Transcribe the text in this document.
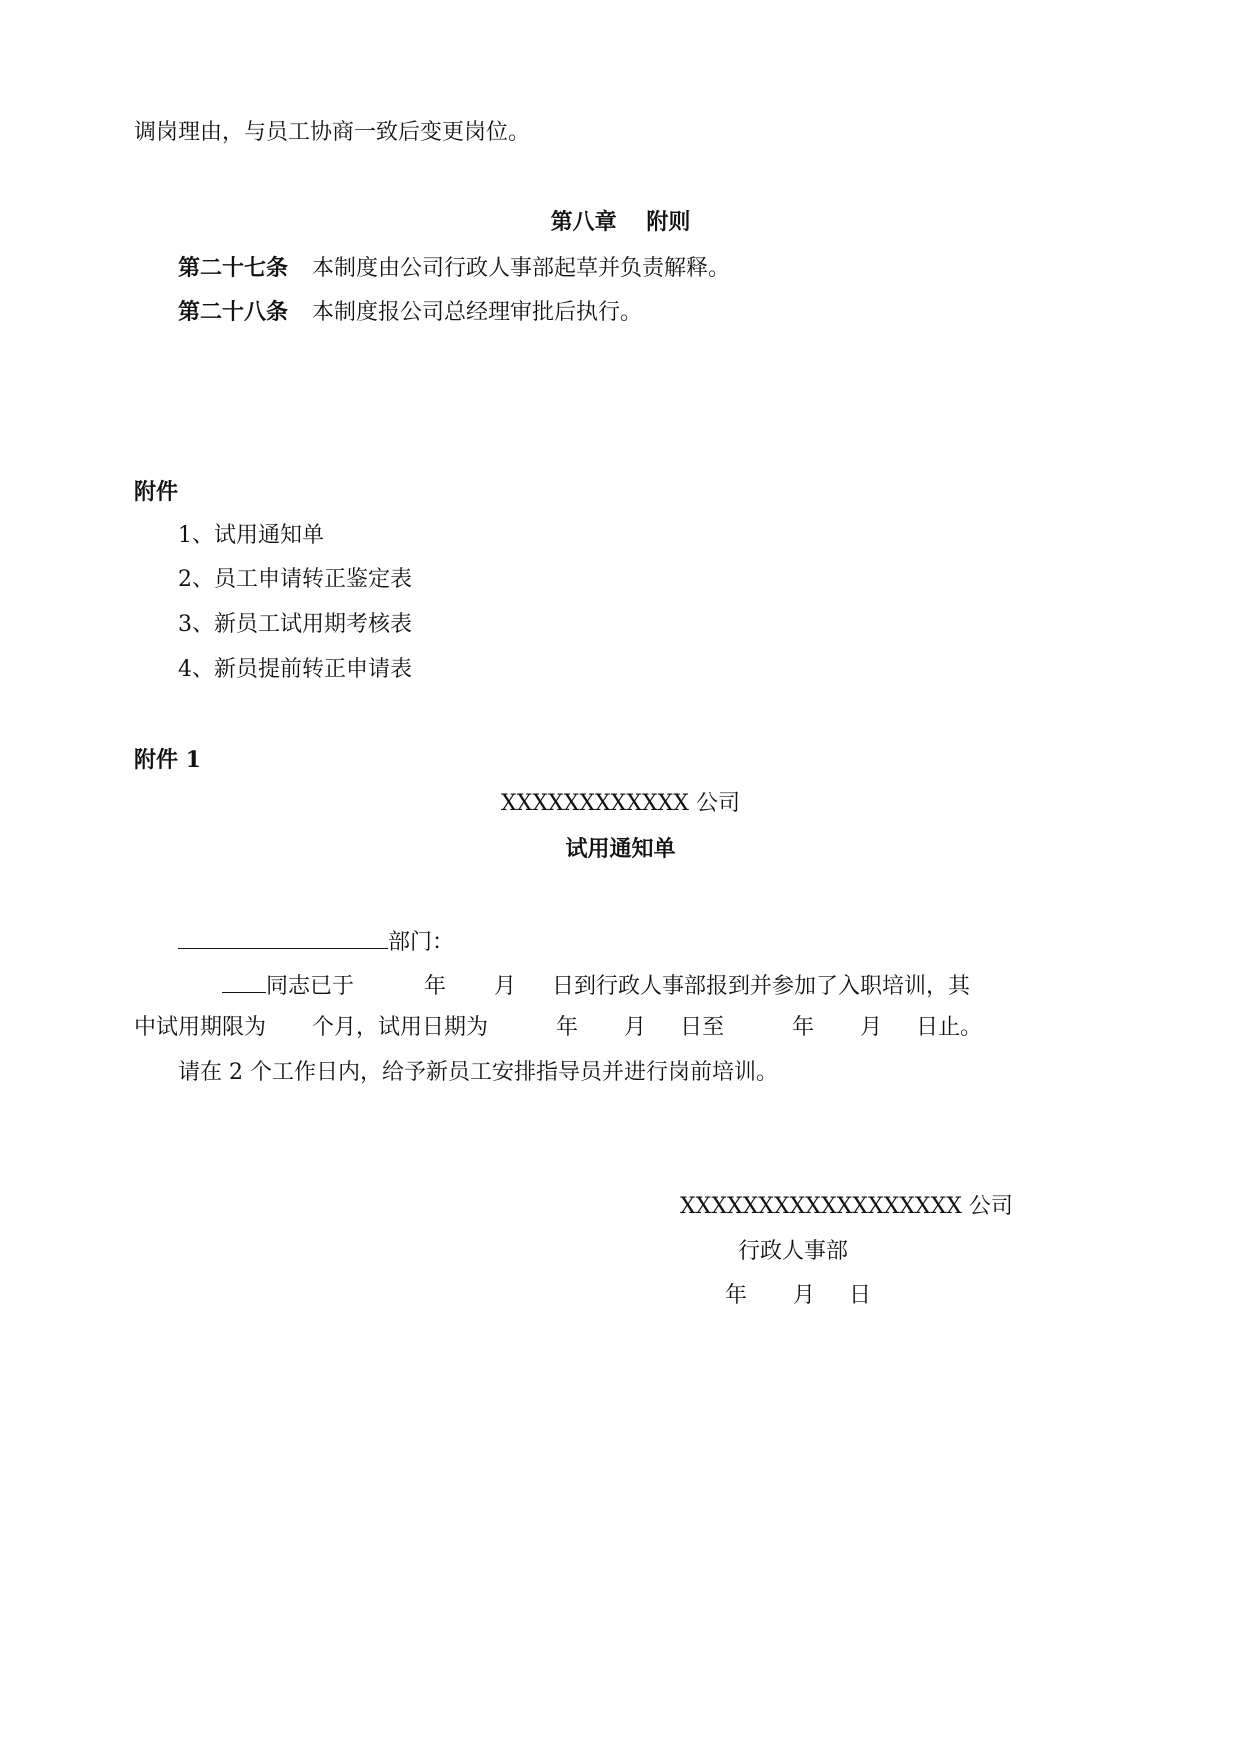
调岗理由，与员工协商一致后变更岗位。
第八章　 附则
第二十七条 本制度由公司行政人事部起草并负责解释。
第二十八条 本制度报公司总经理审批后执行。
附件
1、试用通知单
2、员工申请转正鉴定表
3、新员工试用期考核表
4、新员提前转正申请表
附件 1
XXXXXXXXXXXX 公司
试用通知单
部门：
同志已于	年 月 日到行政人事部报到并参加了入职培训，其
中试用期限为 个月，试用日期为	年 月 日至	年 月 日止。
请在 2 个工作日内，给予新员工安排指导员并进行岗前培训。
XXXXXXXXXXXXXXXXXX 公司
行政人事部
年 月 日
